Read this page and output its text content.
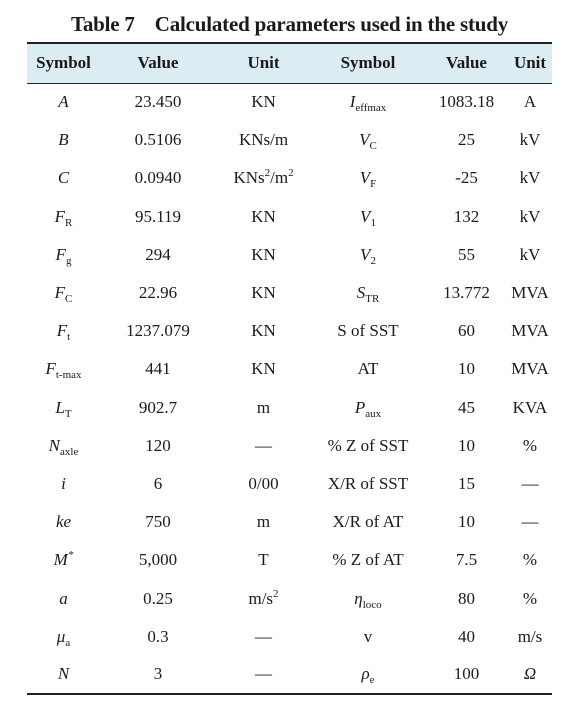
Table 7 Calculated parameters used in the study
Symbol	Value	Unit	Symbol	Value	Unit
A	23.450	KN	$I_{effmax}$	1083.18	A
B	0.5106	KNs/m	$V_C$	25	kV
C	0.0940	$KNs^2/m^2$	$V_F$	-25	kV
$F_R$	95.119	KN	$V_1$	132	kV
$F_g$	294	KN	$V_2$	55	kV
$F_C$	22.96	KN	$S_{TR}$	13.772	MVA
$F_t$	1237.079	KN	S of SST	60	MVA
$F_{t-max}$	441	KN	AT	10	MVA
$L_T$	902.7	m	$P_{aux}$	45	KVA
$N_{axle}$	120	—	% Z of SST	10	%
i	6	0/00	X/R of SST	15	—
ke	750	m	X/R of AT	10	—
M*	5,000	T	% Z of AT	7.5	%
a	0.25	$m/s^2$	$\eta_{loco}$	80	%
$\mu_a$	0.3	—	v	40	m/s
N	3	—	$\rho_e$	100	Ω
